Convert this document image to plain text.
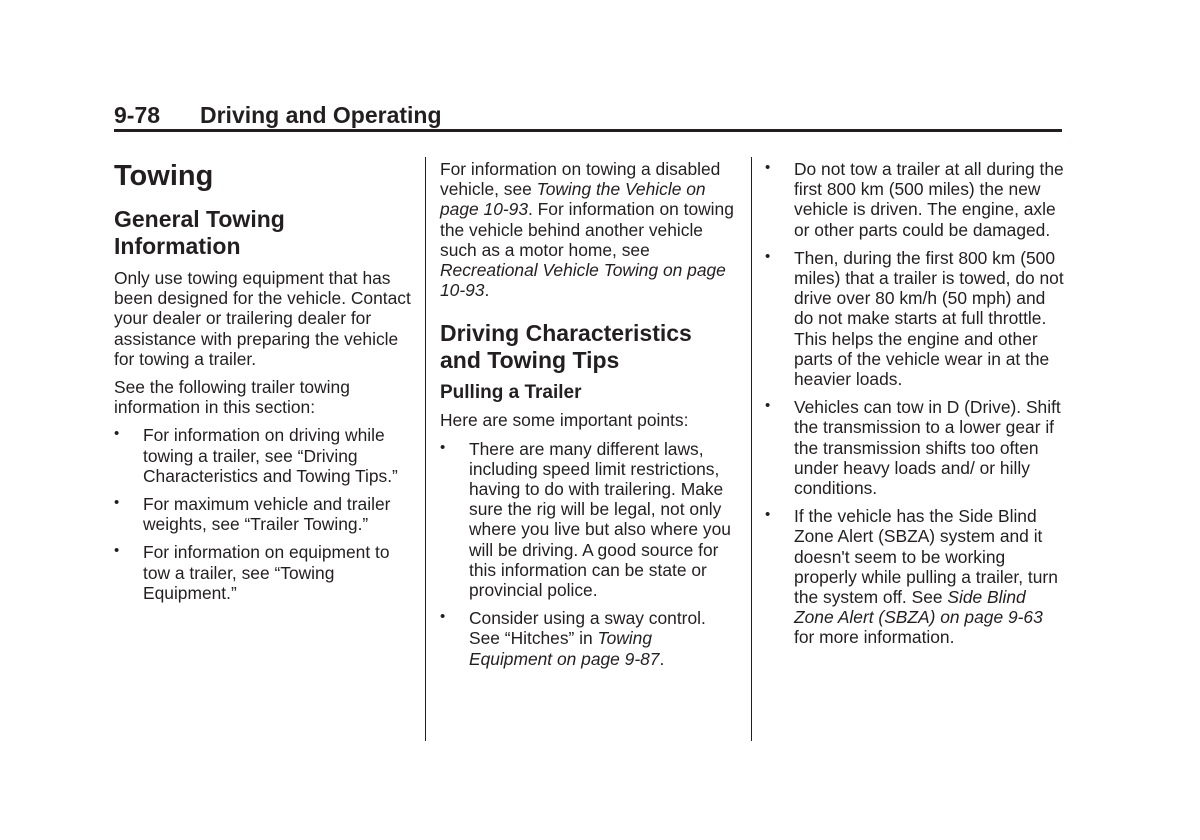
9-78 Driving and Operating
Towing
General Towing Information

Only use towing equipment that has been designed for the vehicle. Contact your dealer or trailering dealer for assistance with preparing the vehicle for towing a trailer.

See the following trailer towing information in this section:

• For information on driving while towing a trailer, see “Driving Characteristics and Towing Tips.”
• For maximum vehicle and trailer weights, see “Trailer Towing.”
• For information on equipment to tow a trailer, see “Towing Equipment.”

For information on towing a disabled vehicle, see Towing the Vehicle on page 10-93. For information on towing the vehicle behind another vehicle such as a motor home, see Recreational Vehicle Towing on page 10-93.

Driving Characteristics and Towing Tips
Pulling a Trailer

Here are some important points:

• There are many different laws, including speed limit restrictions, having to do with trailering. Make sure the rig will be legal, not only where you live but also where you will be driving. A good source for this information can be state or provincial police.
• Consider using a sway control. See “Hitches” in Towing Equipment on page 9-87.
• Do not tow a trailer at all during the first 800 km (500 miles) the new vehicle is driven. The engine, axle or other parts could be damaged.
• Then, during the first 800 km (500 miles) that a trailer is towed, do not drive over 80 km/h (50 mph) and do not make starts at full throttle. This helps the engine and other parts of the vehicle wear in at the heavier loads.
• Vehicles can tow in D (Drive). Shift the transmission to a lower gear if the transmission shifts too often under heavy loads and/ or hilly conditions.
• If the vehicle has the Side Blind Zone Alert (SBZA) system and it doesn't seem to be working properly while pulling a trailer, turn the system off. See Side Blind Zone Alert (SBZA) on page 9-63 for more information.
